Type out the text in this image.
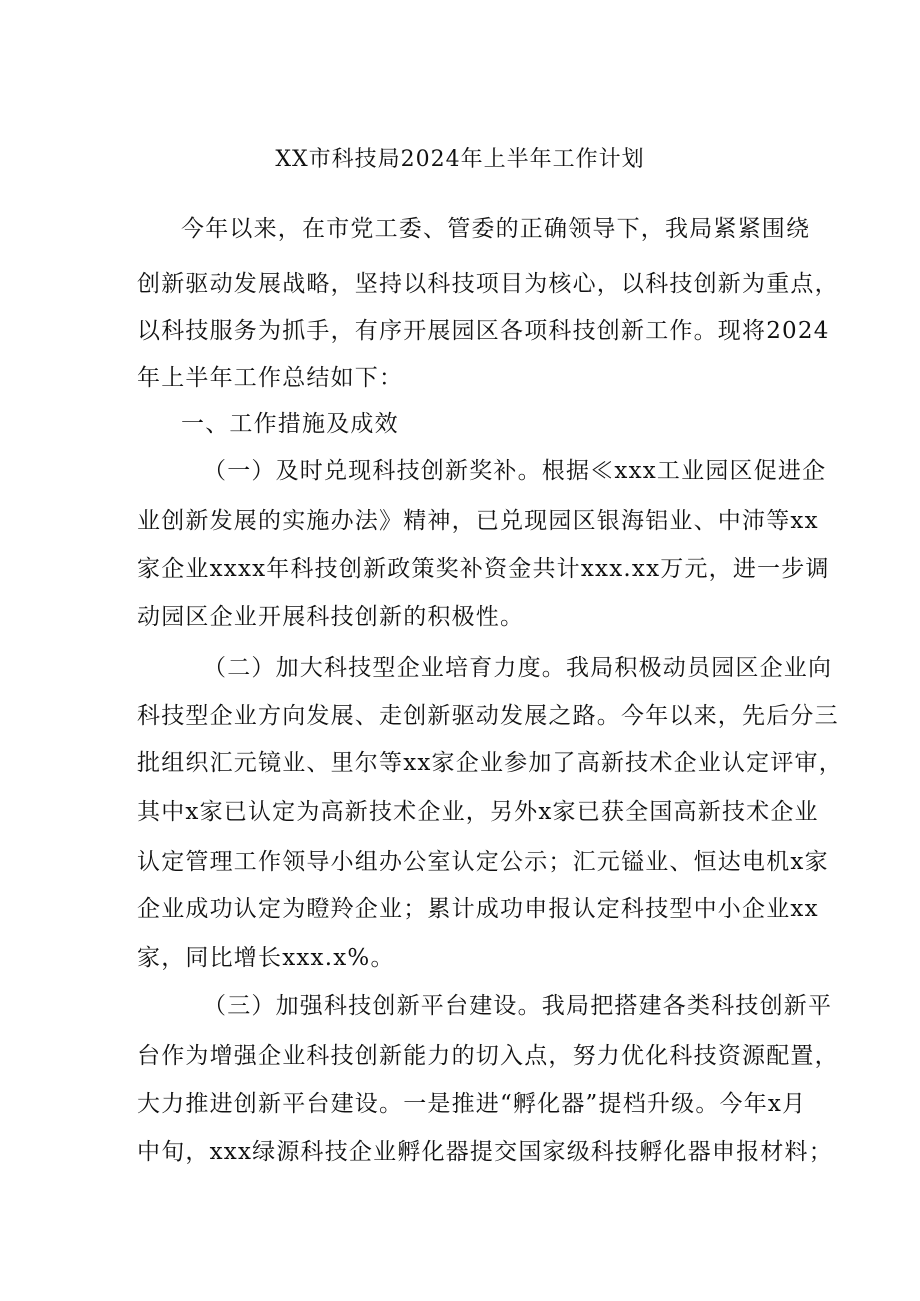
XX市科技局2024年上半年工作计划
今年以来，在市党工委、管委的正确领导下，我局紧紧围绕
创新驱动发展战略，坚持以科技项目为核心，以科技创新为重点，
以科技服务为抓手，有序开展园区各项科技创新工作。现将2024
年上半年工作总结如下：
一、工作措施及成效
（一）及时兑现科技创新奖补。根据≪xxx工业园区促进企
业创新发展的实施办法》精神，已兑现园区银海铝业、中沛等xx
家企业xxxx年科技创新政策奖补资金共计xxx.xx万元，进一步调
动园区企业开展科技创新的积极性。
（二）加大科技型企业培育力度。我局积极动员园区企业向
科技型企业方向发展、走创新驱动发展之路。今年以来，先后分三
批组织汇元镜业、里尔等xx家企业参加了高新技术企业认定评审，
其中x家已认定为高新技术企业，另外x家已获全国高新技术企业
认定管理工作领导小组办公室认定公示；汇元镒业、恒达电机x家
企业成功认定为瞪羚企业；累计成功申报认定科技型中小企业xx
家，同比增长xxx.x%。
（三）加强科技创新平台建设。我局把搭建各类科技创新平
台作为增强企业科技创新能力的切入点，努力优化科技资源配置，
大力推进创新平台建设。一是推进“孵化器”提档升级。今年x月
中旬，xxx绿源科技企业孵化器提交国家级科技孵化器申报材料；
